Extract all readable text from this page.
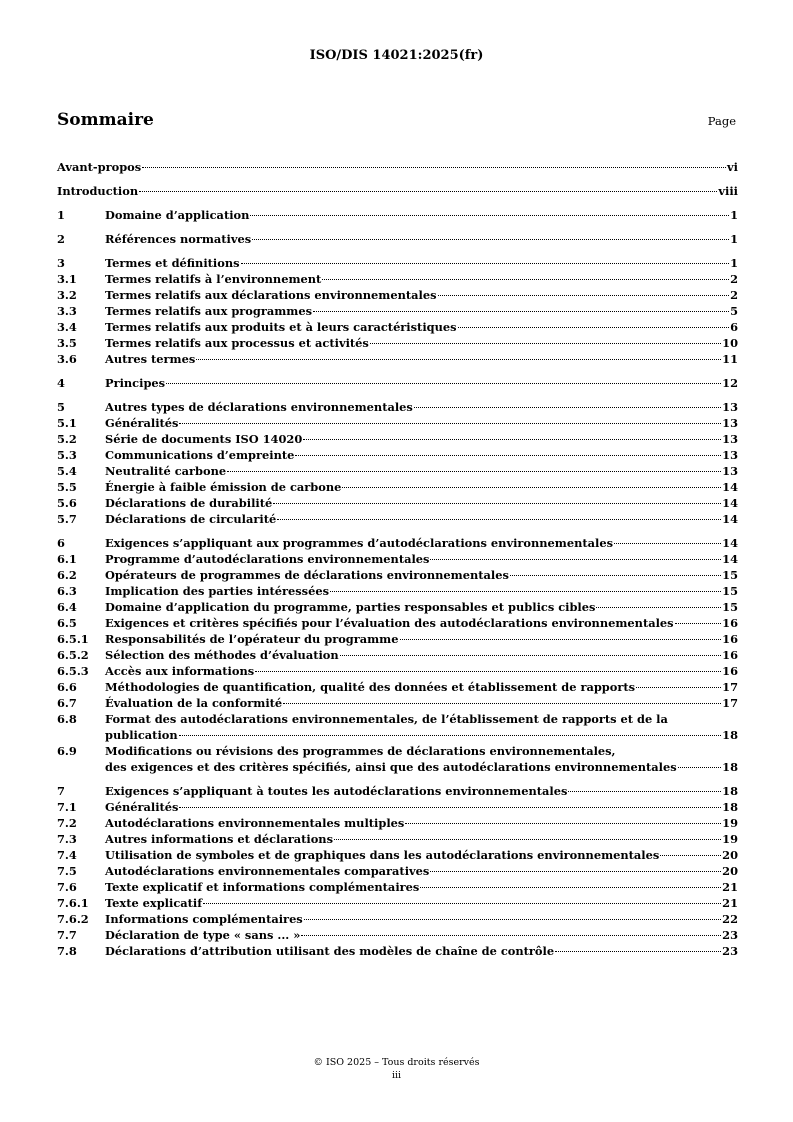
ISO/DIS 14021:2025(fr)
Sommaire	Page
Avant-propos	vi
Introduction	viii
1	Domaine d’application	1
2	Références normatives	1
3	Termes et définitions	1
3.1	Termes relatifs à l’environnement	2
3.2	Termes relatifs aux déclarations environnementales	2
3.3	Termes relatifs aux programmes	5
3.4	Termes relatifs aux produits et à leurs caractéristiques	6
3.5	Termes relatifs aux processus et activités	10
3.6	Autres termes	11
4	Principes	12
5	Autres types de déclarations environnementales	13
5.1	Généralités	13
5.2	Série de documents ISO 14020	13
5.3	Communications d’empreinte	13
5.4	Neutralité carbone	13
5.5	Énergie à faible émission de carbone	14
5.6	Déclarations de durabilité	14
5.7	Déclarations de circularité	14
6	Exigences s’appliquant aux programmes d’autodéclarations environnementales	14
6.1	Programme d’autodéclarations environnementales	14
6.2	Opérateurs de programmes de déclarations environnementales	15
6.3	Implication des parties intéressées	15
6.4	Domaine d’application du programme, parties responsables et publics cibles	15
6.5	Exigences et critères spécifiés pour l’évaluation des autodéclarations environnementales	16
6.5.1	Responsabilités de l’opérateur du programme	16
6.5.2	Sélection des méthodes d’évaluation	16
6.5.3	Accès aux informations	16
6.6	Méthodologies de quantification, qualité des données et établissement de rapports	17
6.7	Évaluation de la conformité	17
6.8	Format des autodéclarations environnementales, de l’établissement de rapports et de la
publication	18
6.9	Modifications ou révisions des programmes de déclarations environnementales,
des exigences et des critères spécifiés, ainsi que des autodéclarations environnementales	18
7	Exigences s’appliquant à toutes les autodéclarations environnementales	18
7.1	Généralités	18
7.2	Autodéclarations environnementales multiples	19
7.3	Autres informations et déclarations	19
7.4	Utilisation de symboles et de graphiques dans les autodéclarations environnementales	20
7.5	Autodéclarations environnementales comparatives	20
7.6	Texte explicatif et informations complémentaires	21
7.6.1	Texte explicatif	21
7.6.2	Informations complémentaires	22
7.7	Déclaration de type « sans ... »	23
7.8	Déclarations d’attribution utilisant des modèles de chaîne de contrôle	23
© ISO 2025 – Tous droits réservés
iii
